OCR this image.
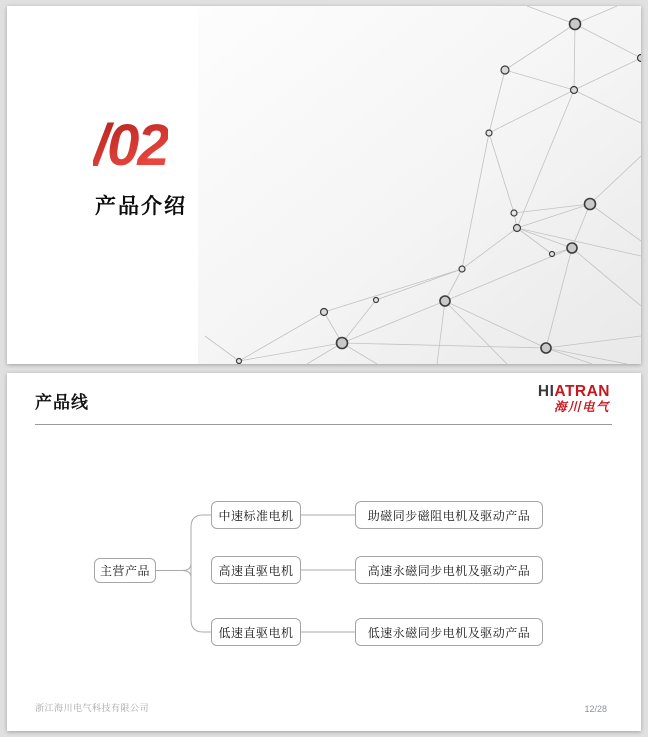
/02
产品介绍
产品线
HIATRAN
海川电气
主营产品
中速标准电机
高速直驱电机
低速直驱电机
助磁同步磁阻电机及驱动产品
高速永磁同步电机及驱动产品
低速永磁同步电机及驱动产品
浙江海川电气科技有限公司	12/28
